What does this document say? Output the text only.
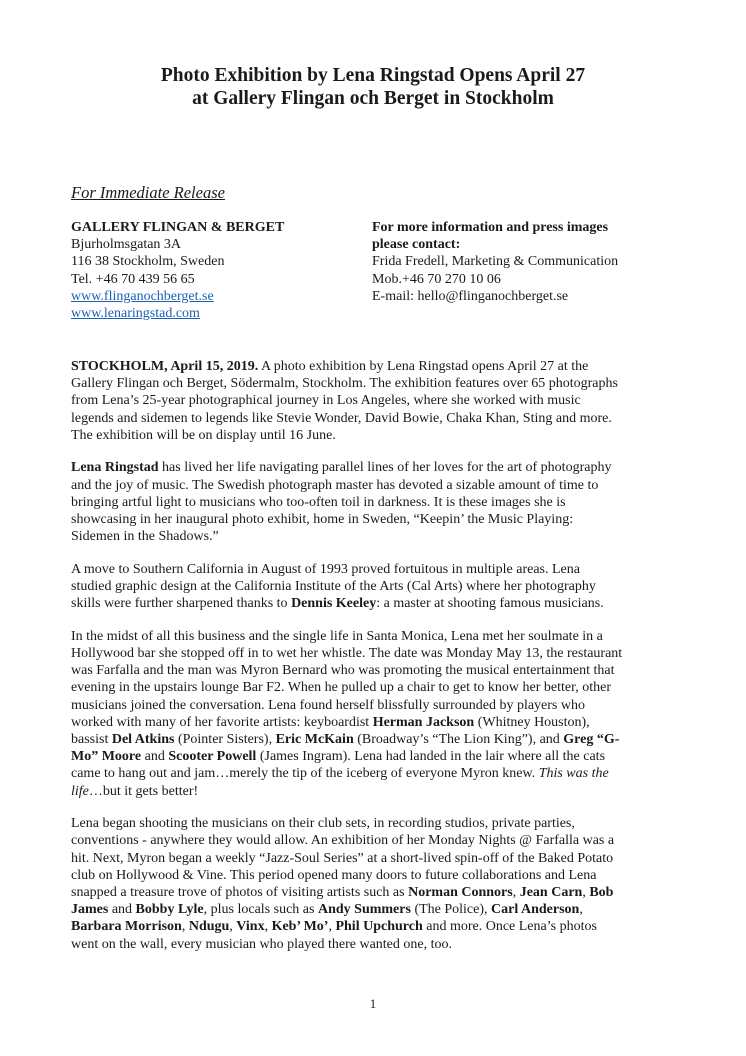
Photo Exhibition by Lena Ringstad Opens April 27
at Gallery Flingan och Berget in Stockholm
For Immediate Release
GALLERY FLINGAN & BERGET
Bjurholmsgatan 3A
116 38 Stockholm, Sweden
Tel. +46 70 439 56 65
www.flinganochberget.se
www.lenaringstad.com
For more information and press images
please contact:
Frida Fredell, Marketing & Communication
Mob.+46 70 270 10 06
E-mail: hello@flinganochberget.se
STOCKHOLM, April 15, 2019. A photo exhibition by Lena Ringstad opens April 27 at the
Gallery Flingan och Berget, Södermalm, Stockholm. The exhibition features over 65 photographs
from Lena’s 25-year photographical journey in Los Angeles, where she worked with music
legends and sidemen to legends like Stevie Wonder, David Bowie, Chaka Khan, Sting and more.
The exhibition will be on display until 16 June.
Lena Ringstad has lived her life navigating parallel lines of her loves for the art of photography
and the joy of music. The Swedish photograph master has devoted a sizable amount of time to
bringing artful light to musicians who too-often toil in darkness. It is these images she is
showcasing in her inaugural photo exhibit, home in Sweden, “Keepin’ the Music Playing:
Sidemen in the Shadows.”
A move to Southern California in August of 1993 proved fortuitous in multiple areas. Lena
studied graphic design at the California Institute of the Arts (Cal Arts) where her photography
skills were further sharpened thanks to Dennis Keeley: a master at shooting famous musicians.
In the midst of all this business and the single life in Santa Monica, Lena met her soulmate in a
Hollywood bar she stopped off in to wet her whistle. The date was Monday May 13, the restaurant
was Farfalla and the man was Myron Bernard who was promoting the musical entertainment that
evening in the upstairs lounge Bar F2. When he pulled up a chair to get to know her better, other
musicians joined the conversation. Lena found herself blissfully surrounded by players who
worked with many of her favorite artists: keyboardist Herman Jackson (Whitney Houston),
bassist Del Atkins (Pointer Sisters), Eric McKain (Broadway’s “The Lion King”), and Greg “G-
Mo” Moore and Scooter Powell (James Ingram). Lena had landed in the lair where all the cats
came to hang out and jam…merely the tip of the iceberg of everyone Myron knew. This was the
life…but it gets better!
Lena began shooting the musicians on their club sets, in recording studios, private parties,
conventions - anywhere they would allow. An exhibition of her Monday Nights @ Farfalla was a
hit. Next, Myron began a weekly “Jazz-Soul Series” at a short-lived spin-off of the Baked Potato
club on Hollywood & Vine. This period opened many doors to future collaborations and Lena
snapped a treasure trove of photos of visiting artists such as Norman Connors, Jean Carn, Bob
James and Bobby Lyle, plus locals such as Andy Summers (The Police), Carl Anderson,
Barbara Morrison, Ndugu, Vinx, Keb’ Mo’, Phil Upchurch and more. Once Lena’s photos
went on the wall, every musician who played there wanted one, too.
1
